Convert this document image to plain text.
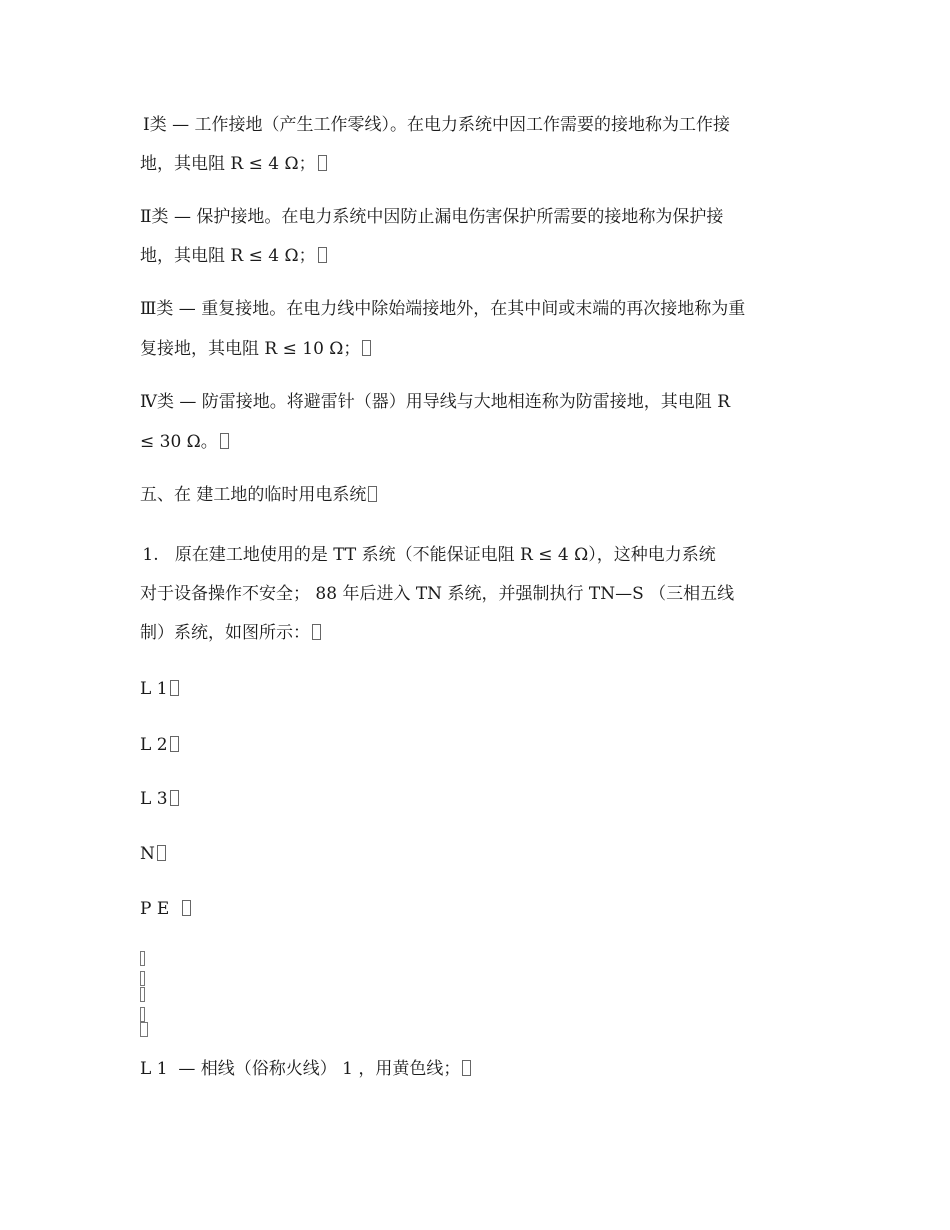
Ⅰ类 — 工作接地（产生工作零线）。在电力系统中因工作需要的接地称为工作接
地，其电阻 R ≤ 4 Ω；
Ⅱ类 — 保护接地。在电力系统中因防止漏电伤害保护所需要的接地称为保护接
地，其电阻 R ≤ 4 Ω；
Ⅲ类 — 重复接地。在电力线中除始端接地外，在其中间或末端的再次接地称为重
复接地，其电阻 R ≤ 10 Ω；
Ⅳ类 — 防雷接地。将避雷针（器）用导线与大地相连称为防雷接地，其电阻 R
≤ 30 Ω。
五、在 建工地的临时用电系统
1.   原在建工地使用的是 TT 系统（不能保证电阻 R ≤ 4 Ω），这种电力系统
对于设备操作不安全； 88 年后进入 TN 系统，并强制执行 TN—S （三相五线
制）系统，如图所示：
L 1
L 2
L 3
N
P E
L 1  — 相线（俗称火线） 1 ，用黄色线；
